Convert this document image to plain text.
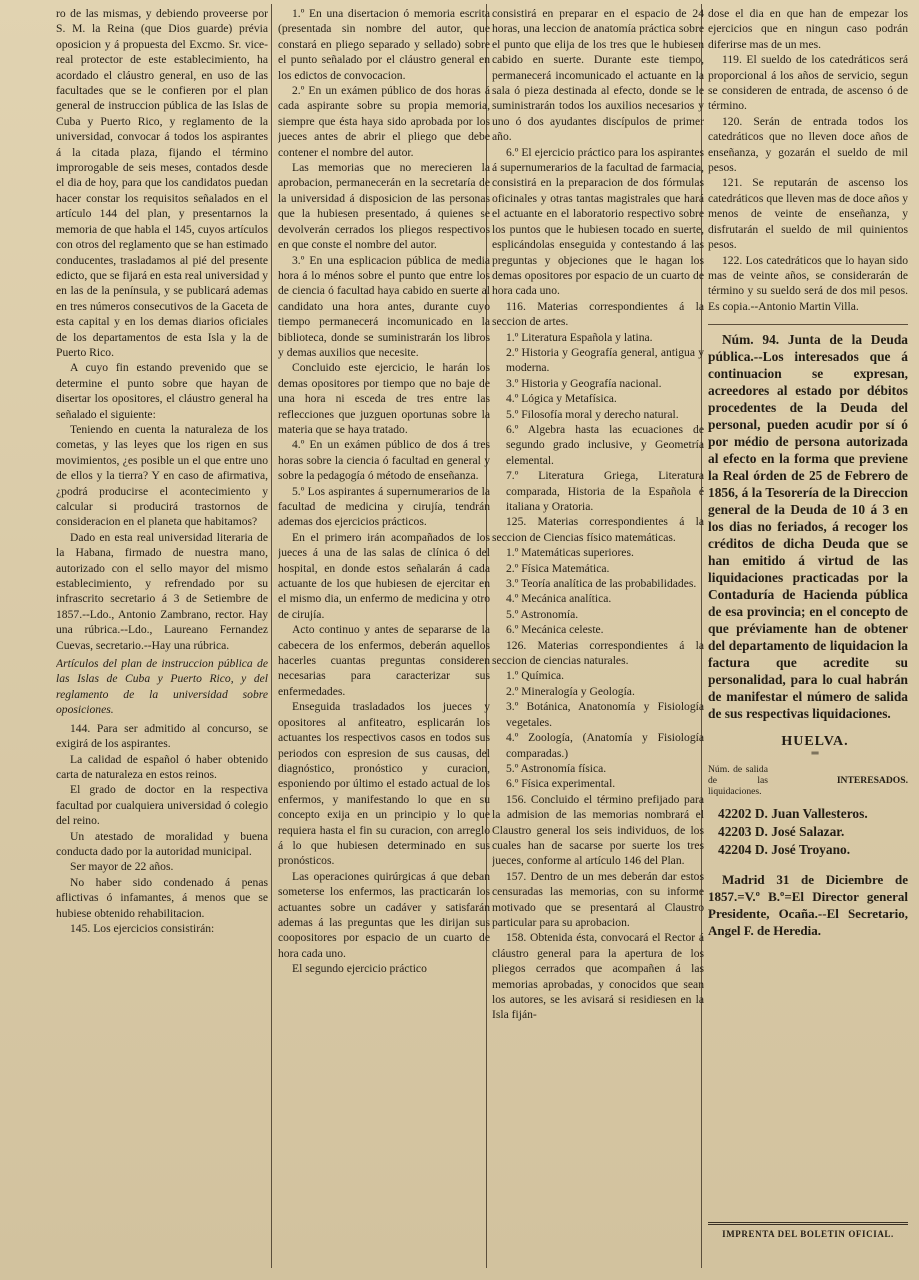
ro de las mismas, y debiendo proveerse por S. M. la Reina (que Dios guarde) prévia oposicion y á propuesta del Excmo. Sr. vice-real protector de este establecimiento, ha acordado el cláustro general, en uso de las facultades que se le confieren por el plan general de instruccion pública de las Islas de Cuba y Puerto Rico, y reglamento de la universidad, convocar á todos los aspirantes á la citada plaza, fijando el término improrogable de seis meses, contados desde el dia de hoy, para que los candidatos puedan hacer constar los requisitos señalados en el artículo 144 del plan, y presentarnos la memoria de que habla el 145, cuyos artículos con otros del reglamento que se han estimado conducentes, trasladamos al pié del presente edicto, que se fijará en esta real universidad y en las de la península, y se publicará ademas en tres números consecutivos de la Gaceta de esta capital y en los demas diarios oficiales de los departamentos de esta Isla y la de Puerto Rico.

A cuyo fin estando prevenido que se determine el punto sobre que hayan de disertar los opositores, el cláustro general ha señalado el siguiente:

Teniendo en cuenta la naturaleza de los cometas, y las leyes que los rigen en sus movimientos, ¿es posible un el que entre uno de ellos y la tierra? Y en caso de afirmativa, ¿podrá producirse el acontecimiento y calcular si producirá trastornos de consideracion en el planeta que habitamos?

Dado en esta real universidad literaria de la Habana, firmado de nuestra mano, autorizado con el sello mayor del mismo establecimiento, y refrendado por su infrascrito secretario á 3 de Setiembre de 1857.--Ldo., Antonio Zambrano, rector. Hay una rúbrica.--Ldo., Laureano Fernandez Cuevas, secretario.--Hay una rúbrica.

Artículos del plan de instruccion pública de las Islas de Cuba y Puerto Rico, y del reglamento de la universidad sobre oposiciones.

144. Para ser admitido al concurso, se exigirá de los aspirantes.

La calidad de español ó haber obtenido carta de naturaleza en estos reinos.

El grado de doctor en la respectiva facultad por cualquiera universidad ó colegio del reino.

Un atestado de moralidad y buena conducta dado por la autoridad municipal.

Ser mayor de 22 años.

No haber sido condenado á penas aflictivas ó infamantes, á menos que se hubiese obtenido rehabilitacion.

145. Los ejercicios consistirán:

1.º En una disertacion ó memoria escrita (presentada sin nombre del autor, que constará en pliego separado y sellado) sobre el punto señalado por el cláustro general en los edictos de convocacion.

2.º En un exámen público de dos horas á cada aspirante sobre su propia memoria, siempre que ésta haya sido aprobada por los jueces antes de abrir el pliego que debe contener el nombre del autor.

Las memorias que no merecieren la aprobacion, permanecerán en la secretaría de la universidad á disposicion de las personas que la hubiesen presentado, á quienes se devolverán cerrados los pliegos respectivos en que conste el nombre del autor.

3.º En una esplicacion pública de media hora á lo ménos sobre el punto que entre los de ciencia ó facultad haya cabido en suerte al candidato una hora antes, durante cuyo tiempo permanecerá incomunicado en la biblioteca, donde se suministrarán los libros y demas auxilios que necesite.

Concluido este ejercicio, le harán los demas opositores por tiempo que no baje de una hora ni esceda de tres entre las reflecciones que juzguen oportunas sobre la materia que se haya tratado.

4.º En un exámen público de dos á tres horas sobre la ciencia ó facultad en general y sobre la pedagogía ó método de enseñanza.

5.º Los aspirantes á supernumerarios de la facultad de medicina y cirujía, tendrán ademas dos ejercicios prácticos.

En el primero irán acompañados de los jueces á una de las salas de clínica ó del hospital, en donde estos señalarán á cada actuante de los que hubiesen de ejercitar en el mismo dia, un enfermo de medicina y otro de cirujía.

Acto continuo y antes de separarse de la cabecera de los enfermos, deberán aquellos hacerles cuantas preguntas consideren necesarias para caracterizar sus enfermedades.

Enseguida trasladados los jueces y opositores al anfiteatro, esplicarán los actuantes los respectivos casos en todos sus periodos con espresion de sus causas, del diagnóstico, pronóstico y curacion, esponiendo por último el estado actual de los enfermos, y manifestando lo que en su concepto exija en un principio y lo que requiera hasta el fin su curacion, con arreglo á lo que hubiesen determinado en sus pronósticos.

Las operaciones quirúrgicas á que deban someterse los enfermos, las practicarán los actuantes sobre un cadáver y satisfarán ademas á las preguntas que les dirijan sus coopositores por espacio de un cuarto de hora cada uno.

El segundo ejercicio práctico

consistirá en preparar en el espacio de 24 horas, una leccion de anatomía práctica sobre el punto que elija de los tres que le hubiesen cabido en suerte. Durante este tiempo, permanecerá incomunicado el actuante en la sala ó pieza destinada al efecto, donde se le suministrarán todos los auxilios necesarios y uno ó dos ayudantes discípulos de primer año.

6.º El ejercicio práctico para los aspirantes á supernumerarios de la facultad de farmacia, consistirá en la preparacion de dos fórmulas oficinales y otras tantas magistrales que hará el actuante en el laboratorio respectivo sobre los puntos que le hubiesen tocado en suerte, esplicándolas enseguida y contestando á las preguntas y objeciones que le hagan los demas opositores por espacio de un cuarto de hora cada uno.

116. Materias correspondientes á la seccion de artes.

1.º Literatura Española y latina.

2.º Historia y Geografía general, antigua y moderna.

3.º Historia y Geografía nacional.

4.º Lógica y Metafísica.

5.º Filosofía moral y derecho natural.

6.º Algebra hasta las ecuaciones de segundo grado inclusive, y Geometría elemental.

7.º Literatura Griega, Literatura comparada, Historia de la Española é italiana y Oratoria.

125. Materias correspondientes á la seccion de Ciencias físico matemáticas.

1.º Matemáticas superiores.

2.º Física Matemática.

3.º Teoría analítica de las probabilidades.

4.º Mecánica analítica.

5.º Astronomía.

6.º Mecánica celeste.

126. Materias correspondientes á la seccion de ciencias naturales.

1.º Química.

2.º Mineralogía y Geología.

3.º Botánica, Anatonomía y Fisiología vegetales.

4.º Zoología, (Anatomía y Fisiología comparadas.)

5.º Astronomía física.

6.º Física experimental.

156. Concluido el término prefijado para la admision de las memorias nombrará el Claustro general los seis individuos, de los cuales han de sacarse por suerte los tres jueces, conforme al artículo 146 del Plan.

157. Dentro de un mes deberán dar estos censuradas las memorias, con su informe motivado que se presentará al Claustro particular para su aprobacion.

158. Obtenida ésta, convocará el Rector á cláustro general para la apertura de los pliegos cerrados que acompañen á las memorias aprobadas, y conocidos que sean los autores, se les avisará si residiesen en la Isla fiján-

dose el dia en que han de empezar los ejercicios que en ningun caso podrán diferirse mas de un mes.

119. El sueldo de los catedráticos será proporcional á los años de servicio, segun se consideren de entrada, de ascenso ó de término.

120. Serán de entrada todos los catedráticos que no lleven doce años de enseñanza, y gozarán el sueldo de mil pesos.

121. Se reputarán de ascenso los catedráticos que lleven mas de doce años y menos de veinte de enseñanza, y disfrutarán el sueldo de mil quinientos pesos.

122. Los catedráticos que lo hayan sido mas de veinte años, se considerarán de término y su sueldo será de dos mil pesos. Es copia.--Antonio Martin Villa.

Núm. 94. Junta de la Deuda pública.--Los interesados que á continuacion se expresan, acreedores al estado por débitos procedentes de la Deuda del personal, pueden acudir por sí ó por médio de persona autorizada al efecto en la forma que previene la Real órden de 25 de Febrero de 1856, á la Tesorería de la Direccion general de la Deuda de 10 á 3 en los dias no feriados, á recoger los créditos de dicha Deuda que se han emitido á virtud de las liquidaciones practicadas por la Contaduría de Hacienda pública de esa provincia; en el concepto de que préviamente han de obtener del departamento de liquidacion la factura que acredite su personalidad, para lo cual habrán de manifestar el número de salida de sus respectivas liquidaciones.

HUELVA.

═

Núm. de salida de las liquidaciones.
INTERESADOS.
42202 D. Juan Vallesteros.
42203 D. José Salazar.
42204 D. José Troyano.

Madrid 31 de Diciembre de 1857.=V.º B.º=El Director general Presidente, Ocaña.--El Secretario, Angel F. de Heredia.

IMPRENTA DEL BOLETIN OFICIAL.
